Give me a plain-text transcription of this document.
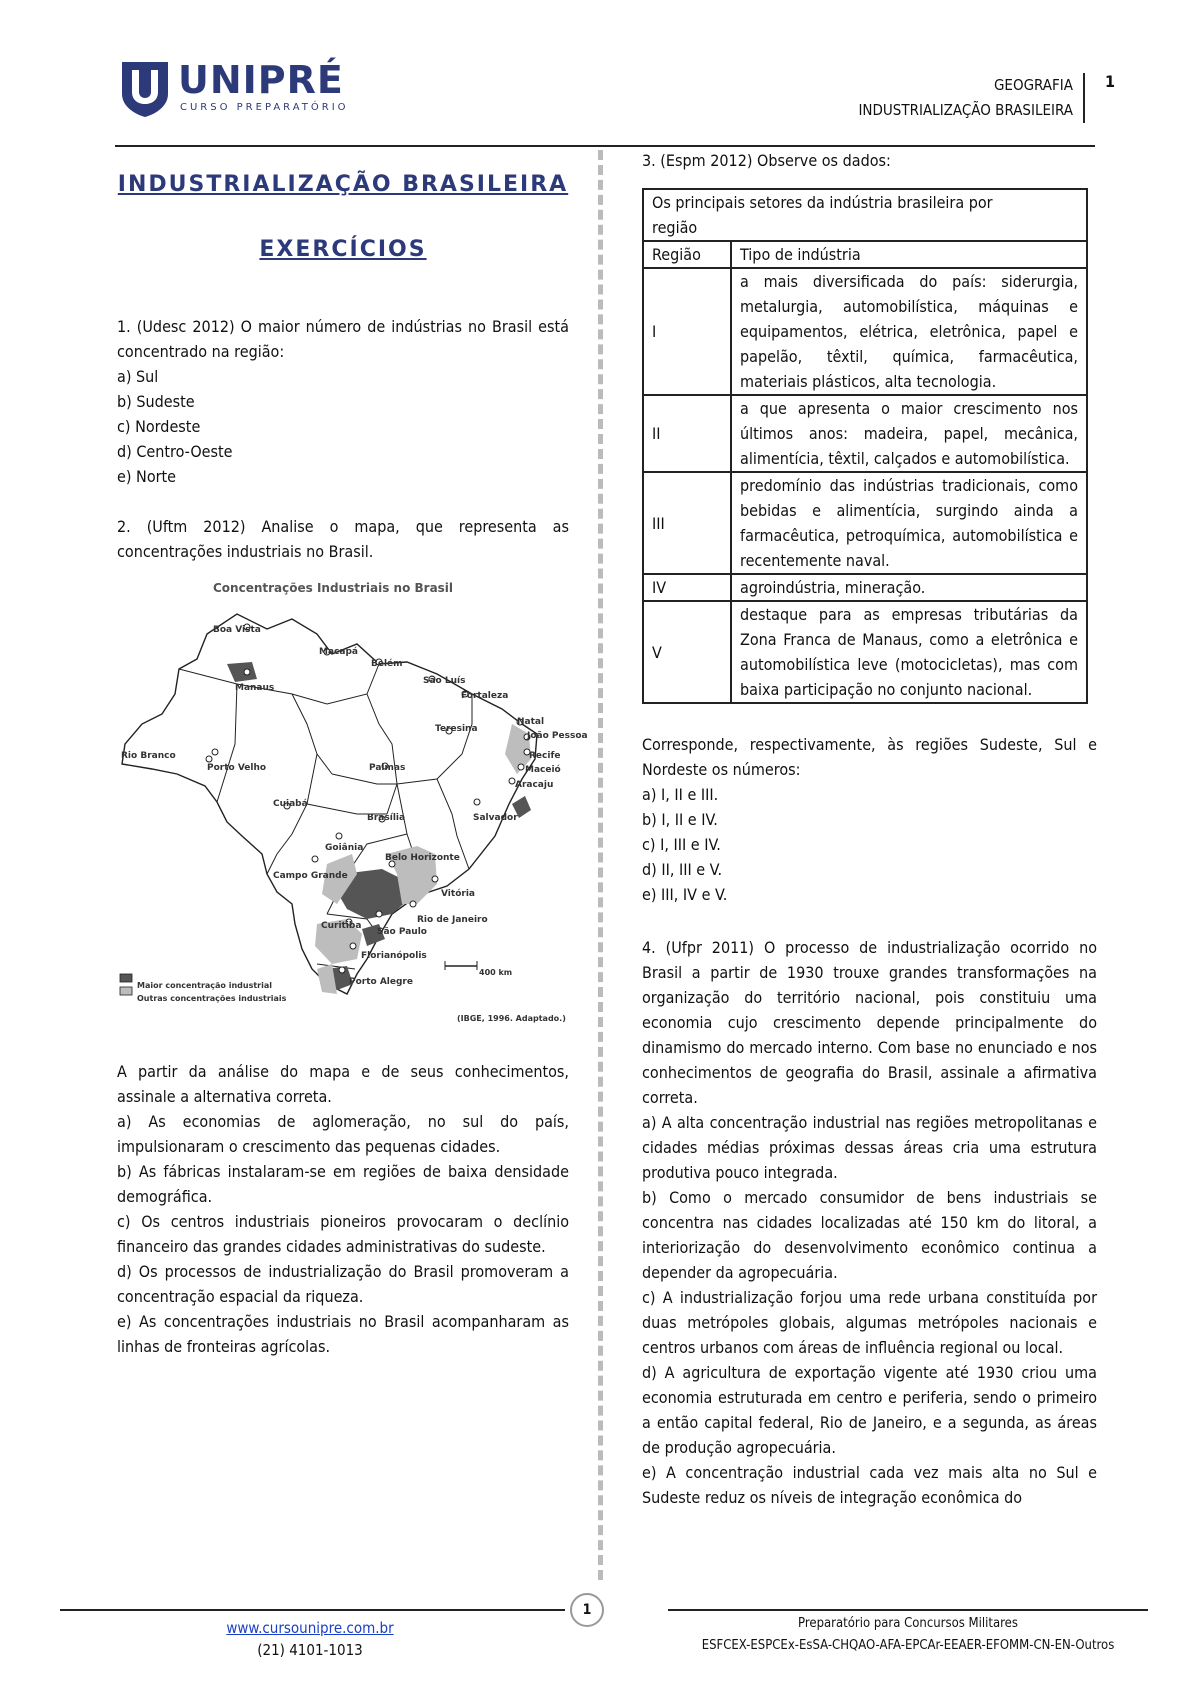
UNIPRÉ
CURSO PREPARATÓRIO
GEOGRAFIA
INDUSTRIALIZAÇÃO BRASILEIRA
1
INDUSTRIALIZAÇÃO BRASILEIRA
EXERCÍCIOS
1. (Udesc 2012) O maior número de indústrias no Brasil está concentrado na região:
a) Sul
b) Sudeste
c) Nordeste
d) Centro-Oeste
e) Norte
2. (Uftm 2012) Analise o mapa, que representa as concentrações industriais no Brasil.
Concentrações Industriais no Brasil
Boa Vista
Macapá
Belém
São Luís
Fortaleza
Manaus
Teresina
Natal
João Pessoa
Recife
Maceió
Aracaju
Rio Branco
Porto Velho	Palmas
Salvador
Cuiabá
Brasília
Goiânia
Belo Horizonte
Campo Grande
Vitória
Rio de Janeiro
São Paulo
Curitiba
Florianópolis
Porto Alegre
Maior concentração industrial
Outras concentrações industriais
400 km
(IBGE, 1996. Adaptado.)
A partir da análise do mapa e de seus conhecimentos, assinale a alternativa correta.
a) As economias de aglomeração, no sul do país, impulsionaram o crescimento das pequenas cidades.
b) As fábricas instalaram-se em regiões de baixa densidade demográfica.
c) Os centros industriais pioneiros provocaram o declínio financeiro das grandes cidades administrativas do sudeste.
d) Os processos de industrialização do Brasil promoveram a concentração espacial da riqueza.
e) As concentrações industriais no Brasil acompanharam as linhas de fronteiras agrícolas.
3. (Espm 2012) Observe os dados:
Os principais setores da indústria brasileira por região	
Região	Tipo de indústria
I	a mais diversificada do país: siderurgia, metalurgia, automobilística, máquinas e equipamentos, elétrica, eletrônica, papel e papelão, têxtil, química, farmacêutica, materiais plásticos, alta tecnologia.
II	a que apresenta o maior crescimento nos últimos anos: madeira, papel, mecânica, alimentícia, têxtil, calçados e automobilística.
III	predomínio das indústrias tradicionais, como bebidas e alimentícia, surgindo ainda a farmacêutica, petroquímica, automobilística e recentemente naval.
IV	agroindústria, mineração.
V	destaque para as empresas tributárias da Zona Franca de Manaus, como a eletrônica e automobilística leve (motocicletas), mas com baixa participação no conjunto nacional.
Corresponde, respectivamente, às regiões Sudeste, Sul e Nordeste os números:
a) I, II e III.
b) I, II e IV.
c) I, III e IV.
d) II, III e V.
e) III, IV e V.
4. (Ufpr 2011) O processo de industrialização ocorrido no Brasil a partir de 1930 trouxe grandes transformações na organização do território nacional, pois constituiu uma economia cujo crescimento depende principalmente do dinamismo do mercado interno. Com base no enunciado e nos conhecimentos de geografia do Brasil, assinale a afirmativa correta.
a) A alta concentração industrial nas regiões metropolitanas e cidades médias próximas dessas áreas cria uma estrutura produtiva pouco integrada.
b) Como o mercado consumidor de bens industriais se concentra nas cidades localizadas até 150 km do litoral, a interiorização do desenvolvimento econômico continua a depender da agropecuária.
c) A industrialização forjou uma rede urbana constituída por duas metrópoles globais, algumas metrópoles nacionais e centros urbanos com áreas de influência regional ou local.
d) A agricultura de exportação vigente até 1930 criou uma economia estruturada em centro e periferia, sendo o primeiro a então capital federal, Rio de Janeiro, e a segunda, as áreas de produção agropecuária.
e) A concentração industrial cada vez mais alta no Sul e Sudeste reduz os níveis de integração econômica do
1
www.cursounipre.com.br
(21) 4101-1013
Preparatório para Concursos Militares
ESFCEX-ESPCEx-EsSA-CHQAO-AFA-EPCAr-EEAER-EFOMM-CN-EN-Outros
